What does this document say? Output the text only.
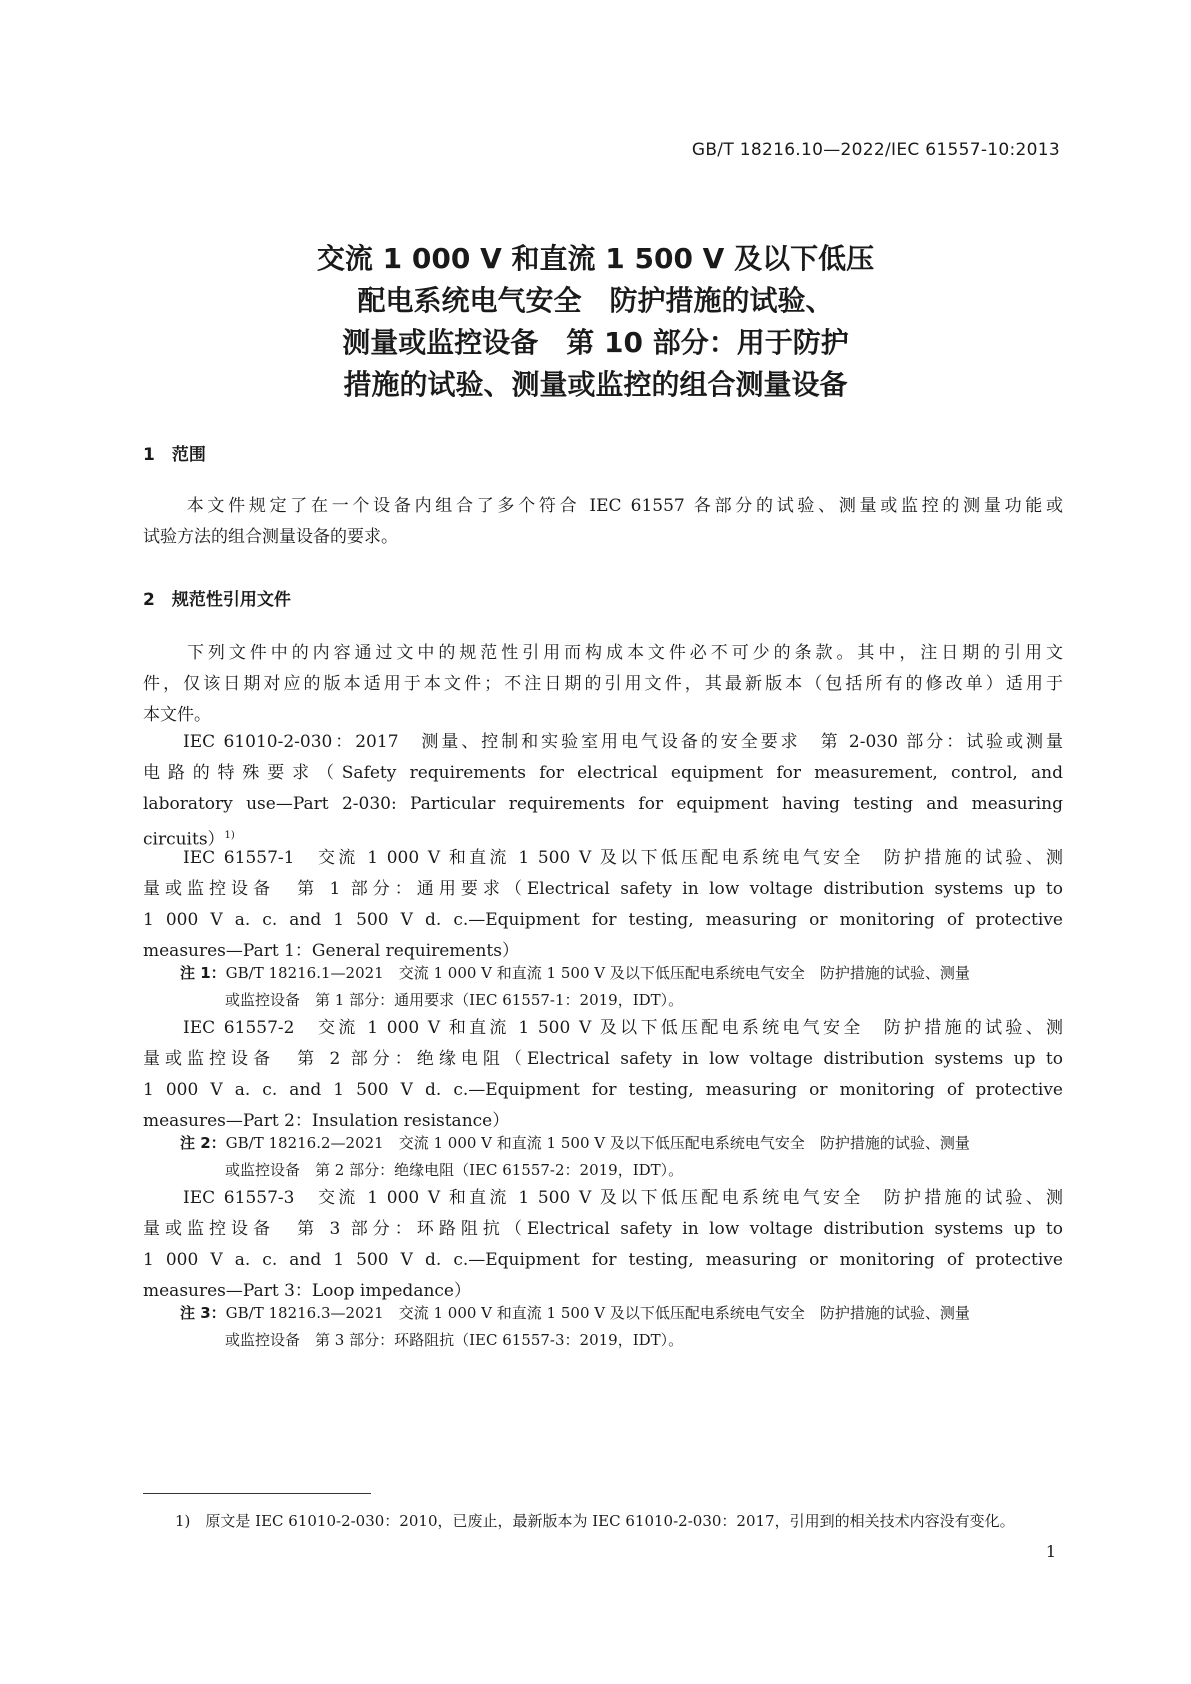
GB/T 18216.10—2022/IEC 61557-10:2013
交流 1 000 V 和直流 1 500 V 及以下低压
配电系统电气安全　防护措施的试验、
测量或监控设备　第 10 部分：用于防护
措施的试验、测量或监控的组合测量设备
1　范围
本文件规定了在一个设备内组合了多个符合 IEC 61557 各部分的试验、测量或监控的测量功能或
试验方法的组合测量设备的要求。
2　规范性引用文件
下列文件中的内容通过文中的规范性引用而构成本文件必不可少的条款。其中，注日期的引用文
件，仅该日期对应的版本适用于本文件；不注日期的引用文件，其最新版本（包括所有的修改单）适用于
本文件。
IEC 61010-2-030：2017　测量、控制和实验室用电气设备的安全要求　第 2-030 部分：试验或测量
电路的特殊要求（Safety requirements for electrical equipment for measurement, control, and
laboratory use—Part 2-030: Particular requirements for equipment having testing and measuring
circuits）$^{1)}$
IEC 61557-1　交流 1 000 V 和直流 1 500 V 及以下低压配电系统电气安全　防护措施的试验、测
量或监控设备　第 1 部分：通用要求（Electrical safety in low voltage distribution systems up to
1 000 V a. c. and 1 500 V d. c.—Equipment for testing, measuring or monitoring of protective
measures—Part 1：General requirements）
注 1：GB/T 18216.1—2021　交流 1 000 V 和直流 1 500 V 及以下低压配电系统电气安全　防护措施的试验、测量
或监控设备　第 1 部分：通用要求（IEC 61557-1：2019，IDT）。
IEC 61557-2　交流 1 000 V 和直流 1 500 V 及以下低压配电系统电气安全　防护措施的试验、测
量或监控设备　第 2 部分：绝缘电阻（Electrical safety in low voltage distribution systems up to
1 000 V a. c. and 1 500 V d. c.—Equipment for testing, measuring or monitoring of protective
measures—Part 2：Insulation resistance）
注 2：GB/T 18216.2—2021　交流 1 000 V 和直流 1 500 V 及以下低压配电系统电气安全　防护措施的试验、测量
或监控设备　第 2 部分：绝缘电阻（IEC 61557-2：2019，IDT）。
IEC 61557-3　交流 1 000 V 和直流 1 500 V 及以下低压配电系统电气安全　防护措施的试验、测
量或监控设备　第 3 部分：环路阻抗（Electrical safety in low voltage distribution systems up to
1 000 V a. c. and 1 500 V d. c.—Equipment for testing, measuring or monitoring of protective
measures—Part 3：Loop impedance）
注 3：GB/T 18216.3—2021　交流 1 000 V 和直流 1 500 V 及以下低压配电系统电气安全　防护措施的试验、测量
或监控设备　第 3 部分：环路阻抗（IEC 61557-3：2019，IDT）。
1)　原文是 IEC 61010-2-030：2010，已废止，最新版本为 IEC 61010-2-030：2017，引用到的相关技术内容没有变化。
1
